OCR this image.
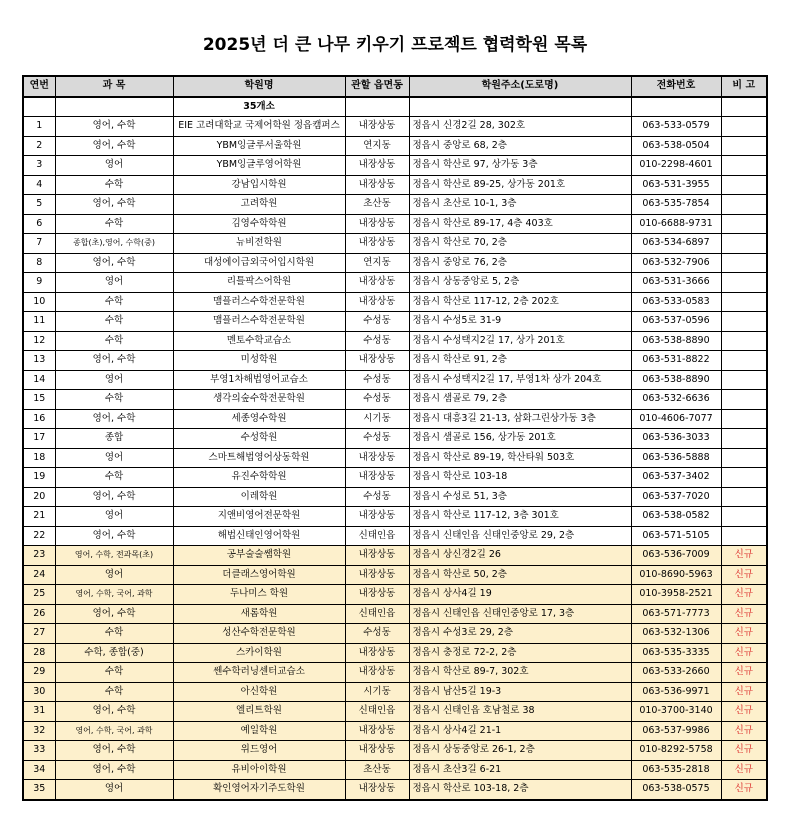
2025년 더 큰 나무 키우기 프로젝트 협력학원 목록
연번	과 목	학원명	관할 읍면동	학원주소(도로명)	전화번호	비 고
		35개소				
1	영어, 수학	EIE 고려대학교 국제어학원 정읍캠퍼스	내장상동	정읍시 신경2길 28, 302호	063-533-0579	
2	영어, 수학	YBM잉글루서울학원	연지동	정읍시 중앙로 68, 2층	063-538-0504	
3	영어	YBM잉글루영어학원	내장상동	정읍시 학산로 97, 상가동 3층	010-2298-4601	
4	수학	강남입시학원	내장상동	정읍시 학산로 89-25, 상가동 201호	063-531-3955	
5	영어, 수학	고려학원	초산동	정읍시 초산로 10-1, 3층	063-535-7854	
6	수학	김영수학학원	내장상동	정읍시 학산로 89-17, 4층 403호	010-6688-9731	
7	종합(초),영어, 수학(중)	뉴비전학원	내장상동	정읍시 학산로 70, 2층	063-534-6897	
8	영어, 수학	대성에이급외국어입시학원	연지동	정읍시 중앙로 76, 2층	063-532-7906	
9	영어	리틀팍스어학원	내장상동	정읍시 상동중앙로 5, 2층	063-531-3666	
10	수학	맴플러스수학전문학원	내장상동	정읍시 학산로 117-12, 2층 202호	063-533-0583	
11	수학	맴플러스수학전문학원	수성동	정읍시 수성5로 31-9	063-537-0596	
12	수학	멘토수학교습소	수성동	정읍시 수성택지2길 17, 상가 201호	063-538-8890	
13	영어, 수학	미성학원	내장상동	정읍시 학산로 91, 2층	063-531-8822	
14	영어	부영1차해법영어교습소	수성동	정읍시 수성택지2길 17, 부영1차 상가 204호	063-538-8890	
15	수학	생각의숲수학전문학원	수성동	정읍시 샘골로 79, 2층	063-532-6636	
16	영어, 수학	세종영수학원	시기동	정읍시 대흥3길 21-13, 삼화그린상가동 3층	010-4606-7077	
17	종합	수성학원	수성동	정읍시 샘골로 156, 상가동 201호	063-536-3033	
18	영어	스마트해법영어상동학원	내장상동	정읍시 학산로 89-19, 학산타워 503호	063-536-5888	
19	수학	유진수학학원	내장상동	정읍시 학산로 103-18	063-537-3402	
20	영어, 수학	이레학원	수성동	정읍시 수성로 51, 3층	063-537-7020	
21	영어	지앤비영어전문학원	내장상동	정읍시 학산로 117-12, 3층 301호	063-538-0582	
22	영어, 수학	해법신태인영어학원	신태인읍	정읍시 신태인읍 신태인중앙로 29, 2층	063-571-5105	
23	영어, 수학, 전과목(초)	공부술술쌤학원	내장상동	정읍시 상신경2길 26	063-536-7009	신규
24	영어	더클래스영어학원	내장상동	정읍시 학산로 50, 2층	010-8690-5963	신규
25	영어, 수학, 국어, 과학	두나미스 학원	내장상동	정읍시 상사4길 19	010-3958-2521	신규
26	영어, 수학	새롬학원	신태인읍	정읍시 신태인읍 신태인중앙로 17, 3층	063-571-7773	신규
27	수학	성산수학전문학원	수성동	정읍시 수성3로 29, 2층	063-532-1306	신규
28	수학, 종합(중)	스카이학원	내장상동	정읍시 충정로 72-2, 2층	063-535-3335	신규
29	수학	쎈수학러닝센터교습소	내장상동	정읍시 학산로 89-7, 302호	063-533-2660	신규
30	수학	아신학원	시기동	정읍시 남산5길 19-3	063-536-9971	신규
31	영어, 수학	엘리트학원	신태인읍	정읍시 신태인읍 호남철로 38	010-3700-3140	신규
32	영어, 수학, 국어, 과학	예일학원	내장상동	정읍시 상사4길 21-1	063-537-9986	신규
33	영어, 수학	위드영어	내장상동	정읍시 상동중앙로 26-1, 2층	010-8292-5758	신규
34	영어, 수학	유비아이학원	초산동	정읍시 초산3길 6-21	063-535-2818	신규
35	영어	확인영어자기주도학원	내장상동	정읍시 학산로 103-18, 2층	063-538-0575	신규
